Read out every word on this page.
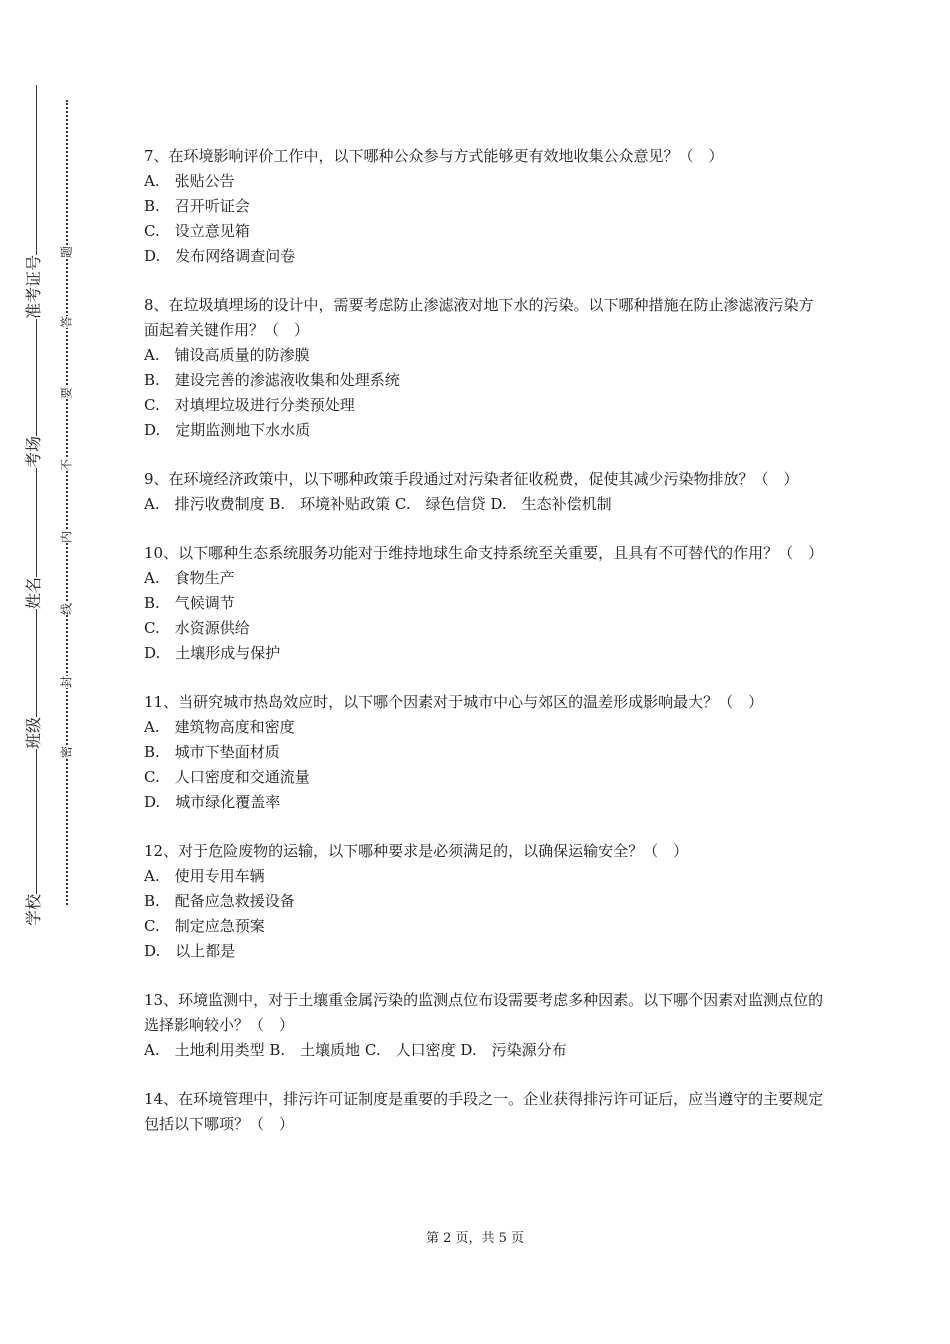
准考证号
考场
姓名
班级
学校
题
答
要
不
内
线
封
密

7、在环境影响评价工作中，以下哪种公众参与方式能够更有效地收集公众意见？（　）

A.　张贴公告

B.　召开听证会

C.　设立意见箱

D.　发布网络调查问卷

8、在垃圾填埋场的设计中，需要考虑防止渗滤液对地下水的污染。以下哪种措施在防止渗滤液污染方面起着关键作用？（　）

A.　铺设高质量的防渗膜

B.　建设完善的渗滤液收集和处理系统

C.　对填埋垃圾进行分类预处理

D.　定期监测地下水水质

9、在环境经济政策中，以下哪种政策手段通过对污染者征收税费，促使其减少污染物排放？（　）

A.　排污收费制度 B.　环境补贴政策 C.　绿色信贷 D.　生态补偿机制

10、以下哪种生态系统服务功能对于维持地球生命支持系统至关重要，且具有不可替代的作用？（　）

A.　食物生产

B.　气候调节

C.　水资源供给

D.　土壤形成与保护

11、当研究城市热岛效应时，以下哪个因素对于城市中心与郊区的温差形成影响最大？（　）

A.　建筑物高度和密度

B.　城市下垫面材质

C.　人口密度和交通流量

D.　城市绿化覆盖率

12、对于危险废物的运输，以下哪种要求是必须满足的，以确保运输安全？（　）

A.　使用专用车辆

B.　配备应急救援设备

C.　制定应急预案

D.　以上都是

13、环境监测中，对于土壤重金属污染的监测点位布设需要考虑多种因素。以下哪个因素对监测点位的选择影响较小？（　）

A.　土地利用类型 B.　土壤质地 C.　人口密度 D.　污染源分布

14、在环境管理中，排污许可证制度是重要的手段之一。企业获得排污许可证后，应当遵守的主要规定包括以下哪项？（　）

第 2 页，共 5 页
